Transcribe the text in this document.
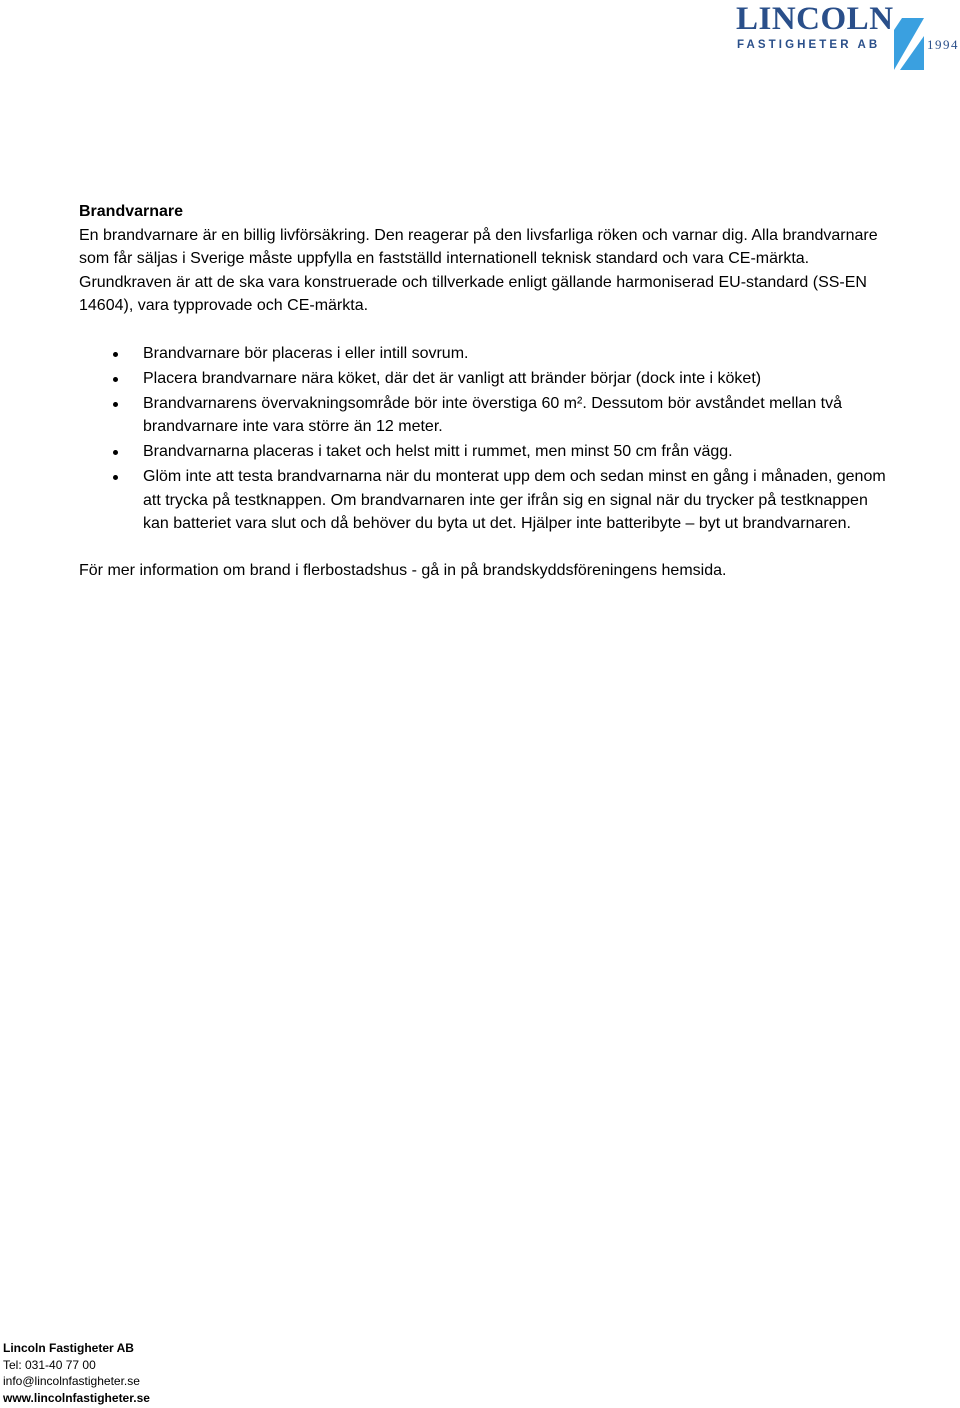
LINCOLN
FASTIGHETER AB	1994

Brandvarnare

En brandvarnare är en billig livförsäkring. Den reagerar på den livsfarliga röken och varnar dig. Alla brandvarnare som får säljas i Sverige måste uppfylla en fastställd internationell teknisk standard och vara CE-märkta. Grundkraven är att de ska vara konstruerade och tillverkade enligt gällande harmoniserad EU-standard (SS-EN 14604), vara typprovade och CE-märkta.

Brandvarnare bör placeras i eller intill sovrum.
Placera brandvarnare nära köket, där det är vanligt att bränder börjar (dock inte i köket)
Brandvarnarens övervakningsområde bör inte överstiga 60 m². Dessutom bör avståndet mellan två brandvarnare inte vara större än 12 meter.
Brandvarnarna placeras i taket och helst mitt i rummet, men minst 50 cm från vägg.
Glöm inte att testa brandvarnarna när du monterat upp dem och sedan minst en gång i månaden, genom att trycka på testknappen. Om brandvarnaren inte ger ifrån sig en signal när du trycker på testknappen kan batteriet vara slut och då behöver du byta ut det. Hjälper inte batteribyte – byt ut brandvarnaren.

För mer information om brand i flerbostadshus - gå in på brandskyddsföreningens hemsida.

Lincoln Fastigheter AB
Tel: 031-40 77 00
info@lincolnfastigheter.se
www.lincolnfastigheter.se
